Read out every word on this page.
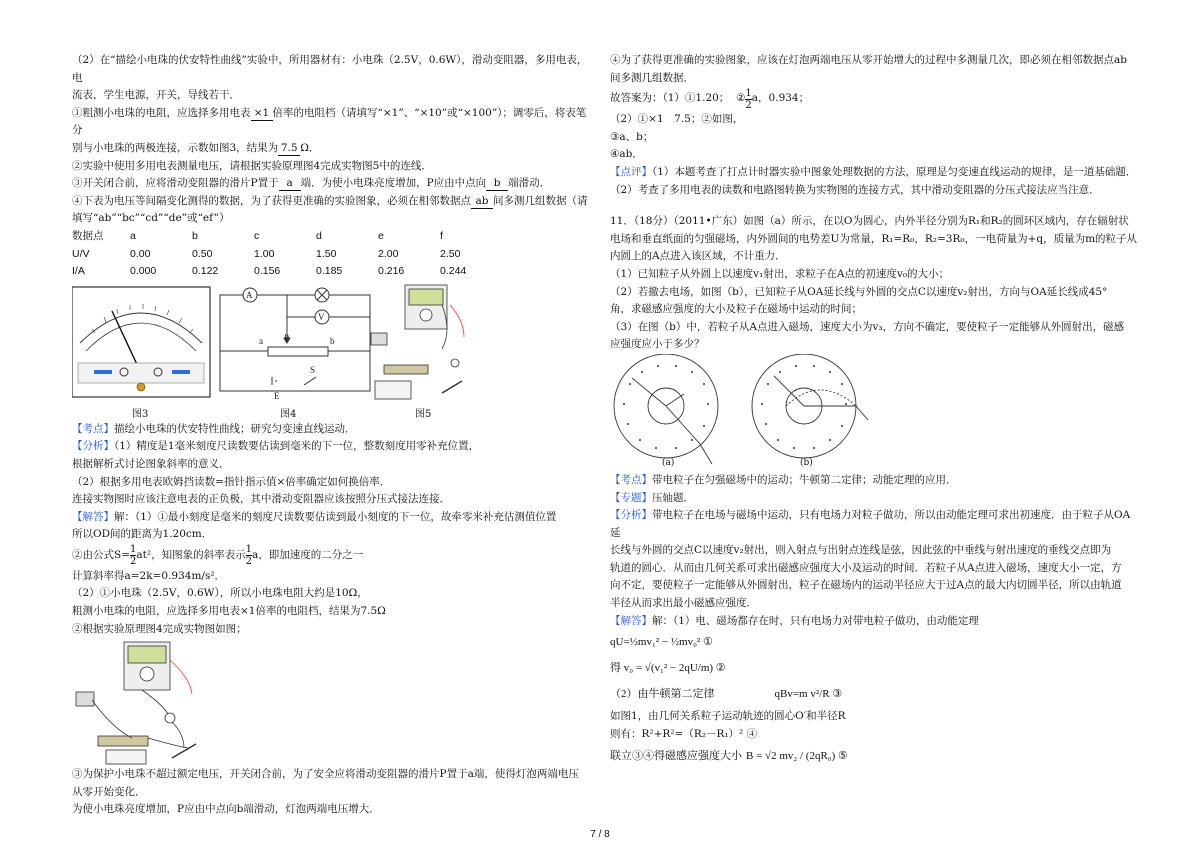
（2）在“描绘小电珠的伏安特性曲线”实验中，所用器材有：小电珠（2.5V，0.6W），滑动变阻器，多用电表，电

流表，学生电源，开关，导线若干．

①粗测小电珠的电阻，应选择多用电表 ×1 倍率的电阻档（请填写“×1”、“×10”或“×100”）；调零后，将表笔分

别与小电珠的两极连接，示数如图3，结果为 7.5 Ω．

②实验中使用多用电表测量电压，请根据实验原理图4完成实物图5中的连线．

③开关闭合前，应将滑动变阻器的滑片P置于 a 端．为使小电珠亮度增加，P应由中点向 b 端滑动．

④下表为电压等间隔变化测得的数据，为了获得更准确的实验图象，必须在相邻数据点 ab 间多测几组数据（请

填写“ab”“bc”“cd”“de”或“ef”）

数据点	a	b	c	d	e	f
U/V	0.00	0.50	1.00	1.50	2.00	2.50
I/A	0.000	0.122	0.156	0.185	0.216	0.244
A
V
a P	b
E
S
图3	图4	图5

【考点】描绘小电珠的伏安特性曲线；研究匀变速直线运动．

【分析】（1）精度是1毫米刻度尺读数要估读到毫米的下一位，整数刻度用零补充位置，

根据解析式讨论图象斜率的意义．

（2）根据多用电表欧姆挡读数=指针指示值×倍率确定如何换倍率．

连接实物图时应该注意电表的正负极，其中滑动变阻器应该按照分压式接法连接．

【解答】解：（1）①最小刻度是毫米的刻度尺读数要估读到最小刻度的下一位，故牵零米补充估测值位置

所以OD间的距离为1.20cm．

②由公式$S= \frac{1}{2} at^2$，知图象的斜率表示 $\frac{1}{2}$ a，即加速度的二分之一

计算斜率得a=2k=0.934m/s²．

（2）①小电珠（2.5V，0.6W），所以小电珠电阻大约是10Ω，

粗测小电珠的电阻，应选择多用电表×1倍率的电阻档，结果为7.5Ω

②根据实验原理图4完成实物图如图；

③为保护小电珠不超过额定电压，开关闭合前，为了安全应将滑动变阻器的滑片P置于a端，使得灯泡两端电压

从零开始变化．

为使小电珠亮度增加，P应由中点向b端滑动，灯泡两端电压增大．

④为了获得更准确的实验图象，应该在灯泡两端电压从零开始增大的过程中多测量几次，即必须在相邻数据点ab

间多测几组数据．

故答案为：（1）①1.20；
② $\frac{1}{2}$ a，0.934；

（2）①×1　7.5；②如图，

③a、b；

④ab．

【点评】（1）本题考查了打点计时器实验中图象处理数据的方法，原理是匀变速直线运动的规律，是一道基础题．

（2）考查了多用电表的读数和电路图转换为实物图的连接方式，其中滑动变阻器的分压式接法应当注意．

11．（18分）（2011•广东）如图（a）所示，在以O为圆心，内外半径分别为R₁和R₂的圆环区域内，存在辐射状

电场和垂直纸面的匀强磁场，内外圆间的电势差U为常量，R₁=R₀，R₂=3R₀，一电荷量为+q，质量为m的粒子从

内圆上的A点进入该区域，不计重力．

（1）已知粒子从外圆上以速度v₁射出，求粒子在A点的初速度v₀的大小；

（2）若撤去电场，如图（b），已知粒子从OA延长线与外圆的交点C以速度v₂射出，方向与OA延长线成45°

角，求磁感应强度的大小及粒子在磁场中运动的时间；

（3）在图（b）中，若粒子从A点进入磁场，速度大小为v₃，方向不确定，要使粒子一定能够从外圆射出，磁感

应强度应小于多少？

(a)	(b)

【考点】带电粒子在匀强磁场中的运动；牛顿第二定律；动能定理的应用．

【专题】压轴题．

【分析】带电粒子在电场与磁场中运动，只有电场力对粒子做功，所以由动能定理可求出初速度．由于粒子从OA延

长线与外圆的交点C以速度v₂射出，则入射点与出射点连线是弦，因此弦的中垂线与射出速度的垂线交点即为

轨道的圆心．从而由几何关系可求出磁感应强度大小及运动的时间．若粒子从A点进入磁场，速度大小一定，方

向不定，要使粒子一定能够从外圆射出，粒子在磁场内的运动半径应大于过A点的最大内切圆半径，所以由轨道

半径从而求出最小磁感应强度．

【解答】解：（1）电、磁场都存在时，只有电场力对带电粒子做功，由动能定理

qU=½mv₁² − ½mv₀² ①
得 v₀ = √(v₁² − 2qU/m) ②
（2）由牛顿第二定律	qBv=m v²/R ③

如图1，由几何关系粒子运动轨迹的圆心O′和半径R

则有：R²+R²=（R₂－R₁）² ④

联立③④得磁感应强度大小 B = √2 mv₂ / (2qR₀) ⑤
7 / 8
